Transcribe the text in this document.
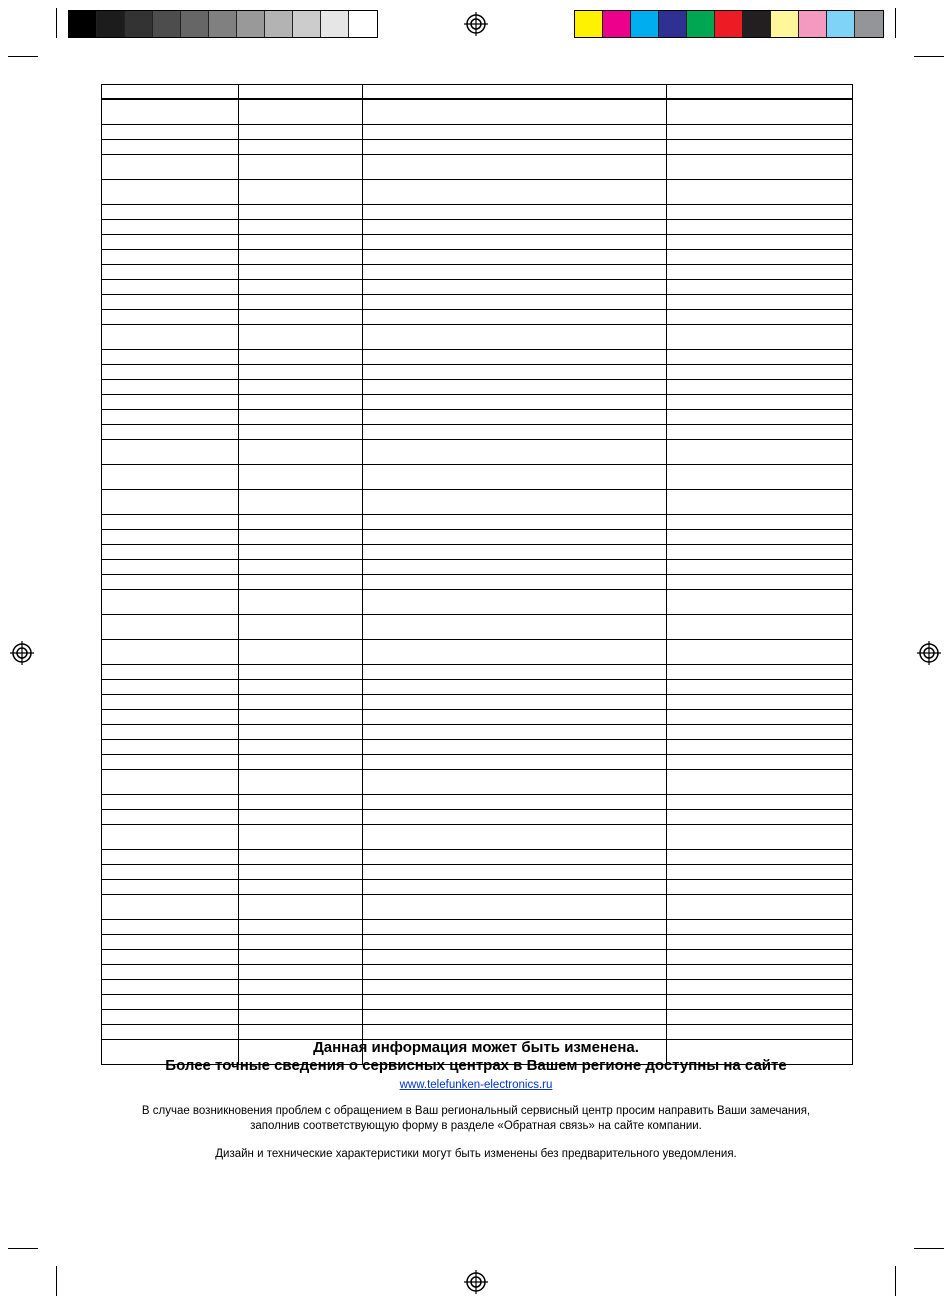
Данная информация может быть изменена.
Более точные сведения о сервисных центрах в Вашем регионе доступны на сайте
www.telefunken-electronics.ru
В случае возникновения проблем с обращением в Ваш региональный сервисный центр просим направить Ваши замечания,
заполнив соответствующую форму в разделе «Обратная связь» на сайте компании.
Дизайн и технические характеристики могут быть изменены без предварительного уведомления.
